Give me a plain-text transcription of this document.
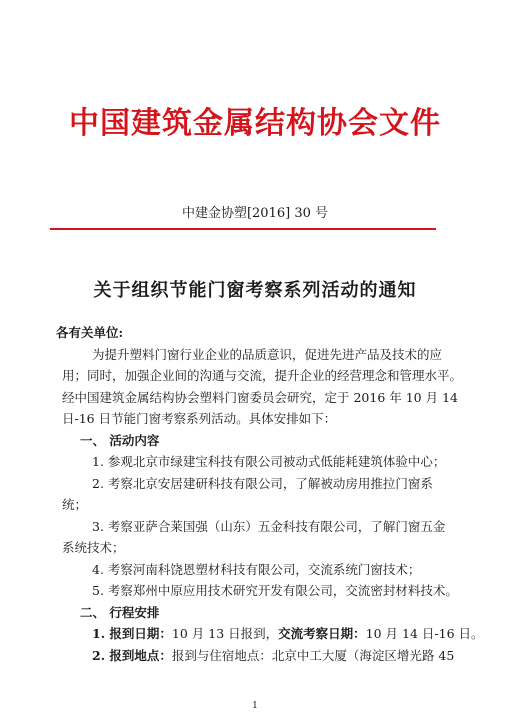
中国建筑金属结构协会文件
中建金协塑[2016] 30 号
关于组织节能门窗考察系列活动的通知
各有关单位:
为提升塑料门窗行业企业的品质意识，促进先进产品及技术的应
用；同时，加强企业间的沟通与交流，提升企业的经营理念和管理水平。
经中国建筑金属结构协会塑料门窗委员会研究，定于 2016 年 10 月 14
日-16 日节能门窗考察系列活动。具体安排如下：
一、 活动内容
1. 参观北京市绿建宝科技有限公司被动式低能耗建筑体验中心；
2. 考察北京安居建研科技有限公司，了解被动房用推拉门窗系
统；
3. 考察亚萨合莱国强（山东）五金科技有限公司，了解门窗五金
系统技术；
4. 考察河南科饶恩塑材科技有限公司，交流系统门窗技术；
5. 考察郑州中原应用技术研究开发有限公司，交流密封材料技术。
二、 行程安排
1. 报到日期：10 月 13 日报到，交流考察日期：10 月 14 日-16 日。
2. 报到地点：报到与住宿地点：北京中工大厦（海淀区增光路 45
1
